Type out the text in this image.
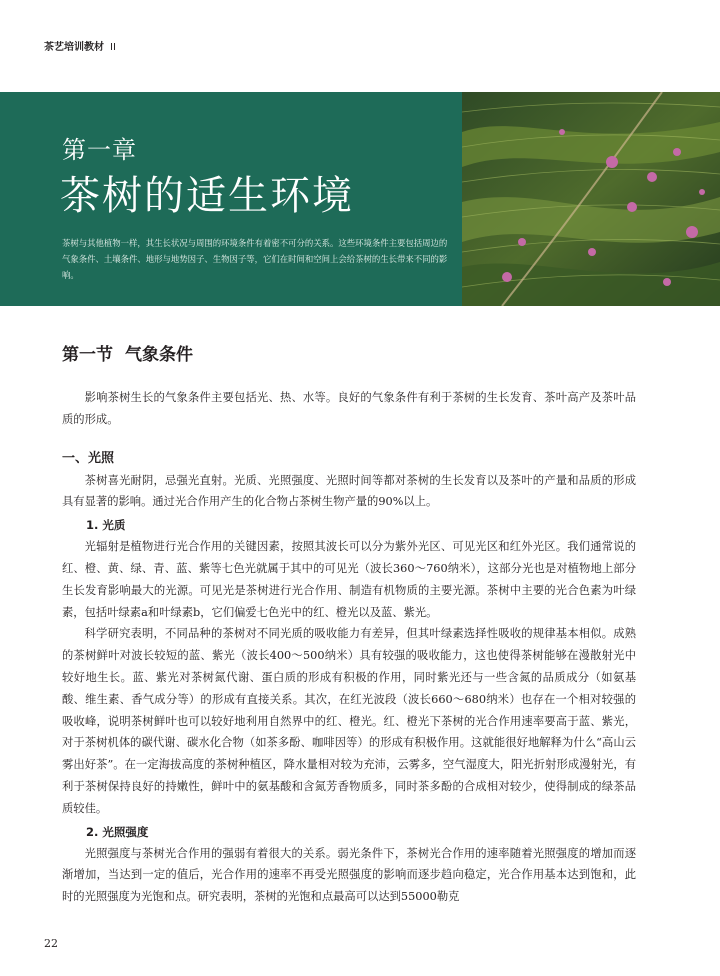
茶艺培训教材 II
第一章
茶树的适生环境
茶树与其他植物一样，其生长状况与周围的环境条件有着密不可分的关系。这些环境条件主要包括周边的气象条件、土壤条件、地形与地势因子、生物因子等，它们在时间和空间上会给茶树的生长带来不同的影响。
第一节 气象条件

影响茶树生长的气象条件主要包括光、热、水等。良好的气象条件有利于茶树的生长发育、茶叶高产及茶叶品质的形成。

一、光照

茶树喜光耐阴，忌强光直射。光质、光照强度、光照时间等都对茶树的生长发育以及茶叶的产量和品质的形成具有显著的影响。通过光合作用产生的化合物占茶树生物产量的90%以上。

1. 光质

光辐射是植物进行光合作用的关键因素，按照其波长可以分为紫外光区、可见光区和红外光区。我们通常说的红、橙、黄、绿、青、蓝、紫等七色光就属于其中的可见光（波长360～760纳米），这部分光也是对植物地上部分生长发育影响最大的光源。可见光是茶树进行光合作用、制造有机物质的主要光源。茶树中主要的光合色素为叶绿素，包括叶绿素a和叶绿素b，它们偏爱七色光中的红、橙光以及蓝、紫光。

科学研究表明，不同品种的茶树对不同光质的吸收能力有差异，但其叶绿素选择性吸收的规律基本相似。成熟的茶树鲜叶对波长较短的蓝、紫光（波长400～500纳米）具有较强的吸收能力，这也使得茶树能够在漫散射光中较好地生长。蓝、紫光对茶树氮代谢、蛋白质的形成有积极的作用，同时紫光还与一些含氮的品质成分（如氨基酸、维生素、香气成分等）的形成有直接关系。其次，在红光波段（波长660～680纳米）也存在一个相对较强的吸收峰，说明茶树鲜叶也可以较好地利用自然界中的红、橙光。红、橙光下茶树的光合作用速率要高于蓝、紫光，对于茶树机体的碳代谢、碳水化合物（如茶多酚、咖啡因等）的形成有积极作用。这就能很好地解释为什么“高山云雾出好茶”。在一定海拔高度的茶树种植区，降水量相对较为充沛，云雾多，空气湿度大，阳光折射形成漫射光，有利于茶树保持良好的持嫩性，鲜叶中的氨基酸和含氮芳香物质多，同时茶多酚的合成相对较少，使得制成的绿茶品质较佳。

2. 光照强度

光照强度与茶树光合作用的强弱有着很大的关系。弱光条件下，茶树光合作用的速率随着光照强度的增加而逐渐增加，当达到一定的值后，光合作用的速率不再受光照强度的影响而逐步趋向稳定，光合作用基本达到饱和，此时的光照强度为光饱和点。研究表明，茶树的光饱和点最高可以达到55000勒克

22
